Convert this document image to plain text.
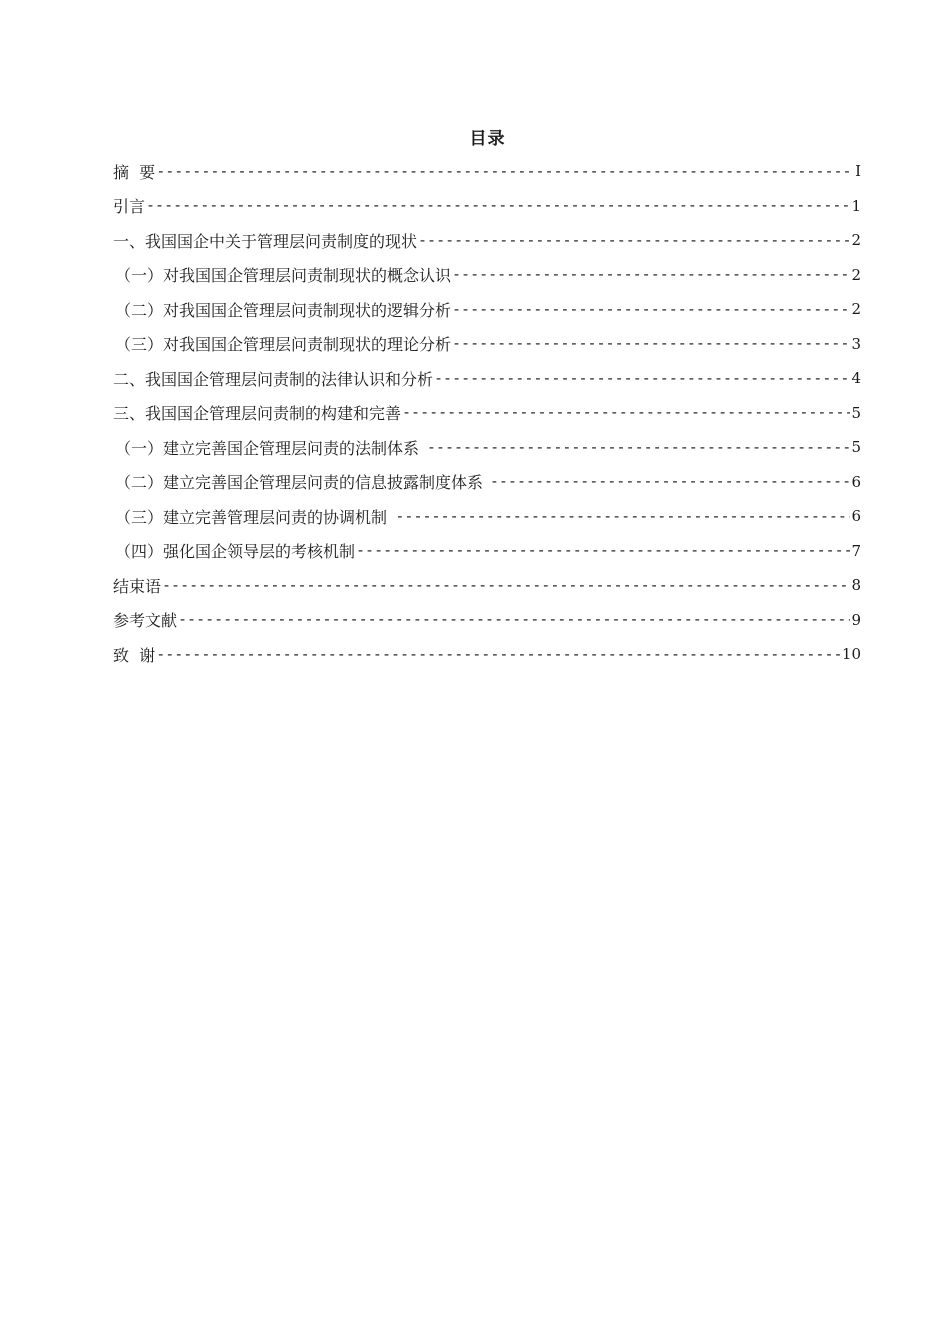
目录
摘  要 -----	I
引言 -----	1
一、我国国企中关于管理层问责制度的现状 -----	2
（一）对我国国企管理层问责制现状的概念认识 -----	2
（二）对我国国企管理层问责制现状的逻辑分析 -----	2
（三）对我国国企管理层问责制现状的理论分析 -----	3
二、我国国企管理层问责制的法律认识和分析 -----	4
三、我国国企管理层问责制的构建和完善 -----	5
（一）建立完善国企管理层问责的法制体系 -----	5
（二）建立完善国企管理层问责的信息披露制度体系 -----	6
（三）建立完善管理层问责的协调机制 -----	6
（四）强化国企领导层的考核机制 -----	7
结束语 -----	8
参考文献 -----	9
致  谢 -----	10
